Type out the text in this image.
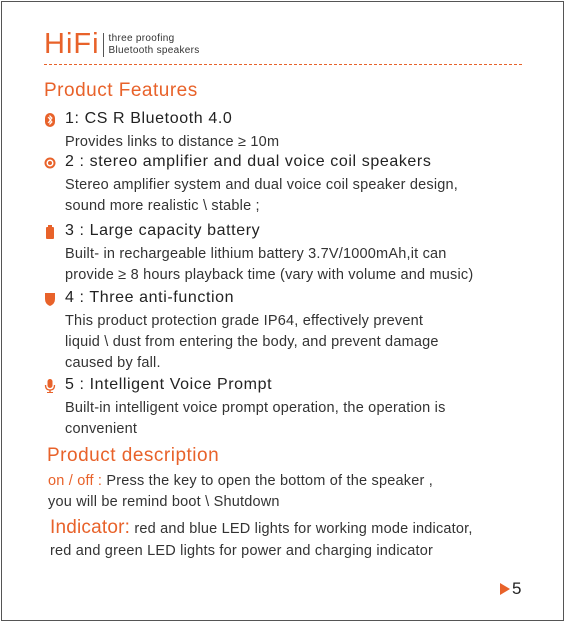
HiFi three proofing
Bluetooth speakers
Product Features
1: CS R Bluetooth 4.0
Provides links to distance ≥ 10m
2 : stereo amplifier and dual voice coil speakers
Stereo amplifier system and dual voice coil speaker design,
sound more realistic \ stable ;
3 : Large capacity battery
Built- in rechargeable lithium battery 3.7V/1000mAh,it can
provide ≥ 8 hours playback time (vary with volume and music)
4 : Three anti-function
This product protection grade IP64, effectively prevent
liquid \ dust from entering the body, and prevent damage
caused by fall.
5 : Intelligent Voice Prompt
Built-in intelligent voice prompt operation, the operation is
convenient
Product description
on / off : Press the key to open the bottom of the speaker ,
you will be remind boot \ Shutdown
Indicator: red and blue LED lights for working mode indicator,
red and green LED lights for power and charging indicator
5
